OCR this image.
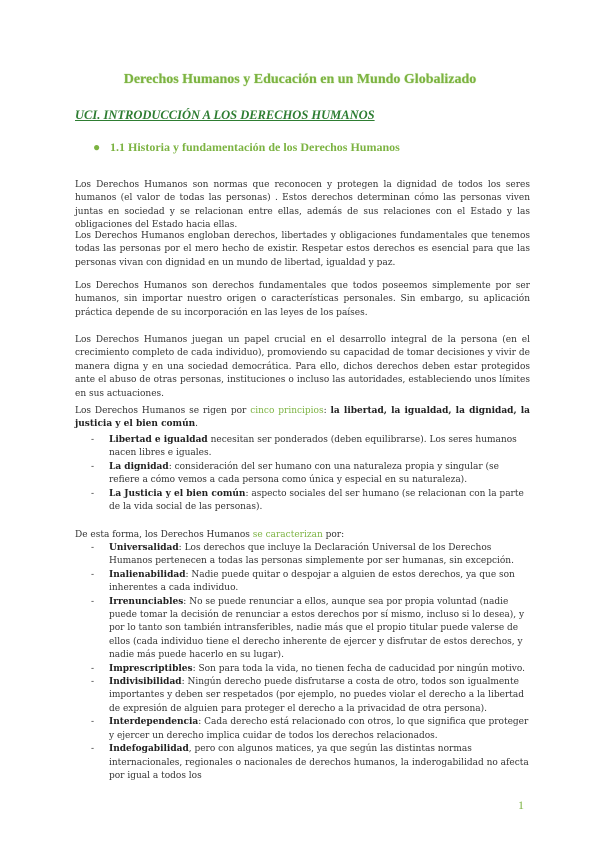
Derechos Humanos y Educación en un Mundo Globalizado
UCI. INTRODUCCIÓN A LOS DERECHOS HUMANOS
● 1.1 Historia y fundamentación de los Derechos Humanos

Los Derechos Humanos son normas que reconocen y protegen la dignidad de todos los seres humanos (el valor de todas las personas) . Estos derechos determinan cómo las personas viven juntas en sociedad y se relacionan entre ellas, además de sus relaciones con el Estado y las obligaciones del Estado hacia ellas.

Los Derechos Humanos engloban derechos, libertades y obligaciones fundamentales que tenemos todas las personas por el mero hecho de existir. Respetar estos derechos es esencial para que las personas vivan con dignidad en un mundo de libertad, igualdad y paz.

Los Derechos Humanos son derechos fundamentales que todos poseemos simplemente por ser humanos, sin importar nuestro origen o características personales. Sin embargo, su aplicación práctica depende de su incorporación en las leyes de los países.

Los Derechos Humanos juegan un papel crucial en el desarrollo integral de la persona (en el crecimiento completo de cada individuo), promoviendo su capacidad de tomar decisiones y vivir de manera digna y en una sociedad democrática. Para ello, dichos derechos deben estar protegidos ante el abuso de otras personas, instituciones o incluso las autoridades, estableciendo unos límites en sus actuaciones.

Los Derechos Humanos se rigen por cinco principios: la libertad, la igualdad, la dignidad, la justicia y el bien común.

- Libertad e igualdad necesitan ser ponderados (deben equilibrarse). Los seres humanos nacen libres e iguales.
- La dignidad: consideración del ser humano con una naturaleza propia y singular (se refiere a cómo vemos a cada persona como única y especial en su naturaleza).
- La Justicia y el bien común: aspecto sociales del ser humano (se relacionan con la parte de la vida social de las personas).
De esta forma, los Derechos Humanos se caracterizan por:
- Universalidad: Los derechos que incluye la Declaración Universal de los Derechos Humanos pertenecen a todas las personas simplemente por ser humanas, sin excepción.
- Inalienabilidad: Nadie puede quitar o despojar a alguien de estos derechos, ya que son inherentes a cada individuo.
- Irrenunciables: No se puede renunciar a ellos, aunque sea por propia voluntad (nadie puede tomar la decisión de renunciar a estos derechos por sí mismo, incluso si lo desea), y por lo tanto son también intransferibles, nadie más que el propio titular puede valerse de ellos (cada individuo tiene el derecho inherente de ejercer y disfrutar de estos derechos, y nadie más puede hacerlo en su lugar).
- Imprescriptibles: Son para toda la vida, no tienen fecha de caducidad por ningún motivo.
- Indivisibilidad: Ningún derecho puede disfrutarse a costa de otro, todos son igualmente importantes y deben ser respetados (por ejemplo, no puedes violar el derecho a la libertad de expresión de alguien para proteger el derecho a la privacidad de otra persona).
- Interdependencia: Cada derecho está relacionado con otros, lo que significa que proteger y ejercer un derecho implica cuidar de todos los derechos relacionados.
- Indefogabilidad, pero con algunos matices, ya que según las distintas normas internacionales, regionales o nacionales de derechos humanos, la inderogabilidad no afecta por igual a todos los
1
